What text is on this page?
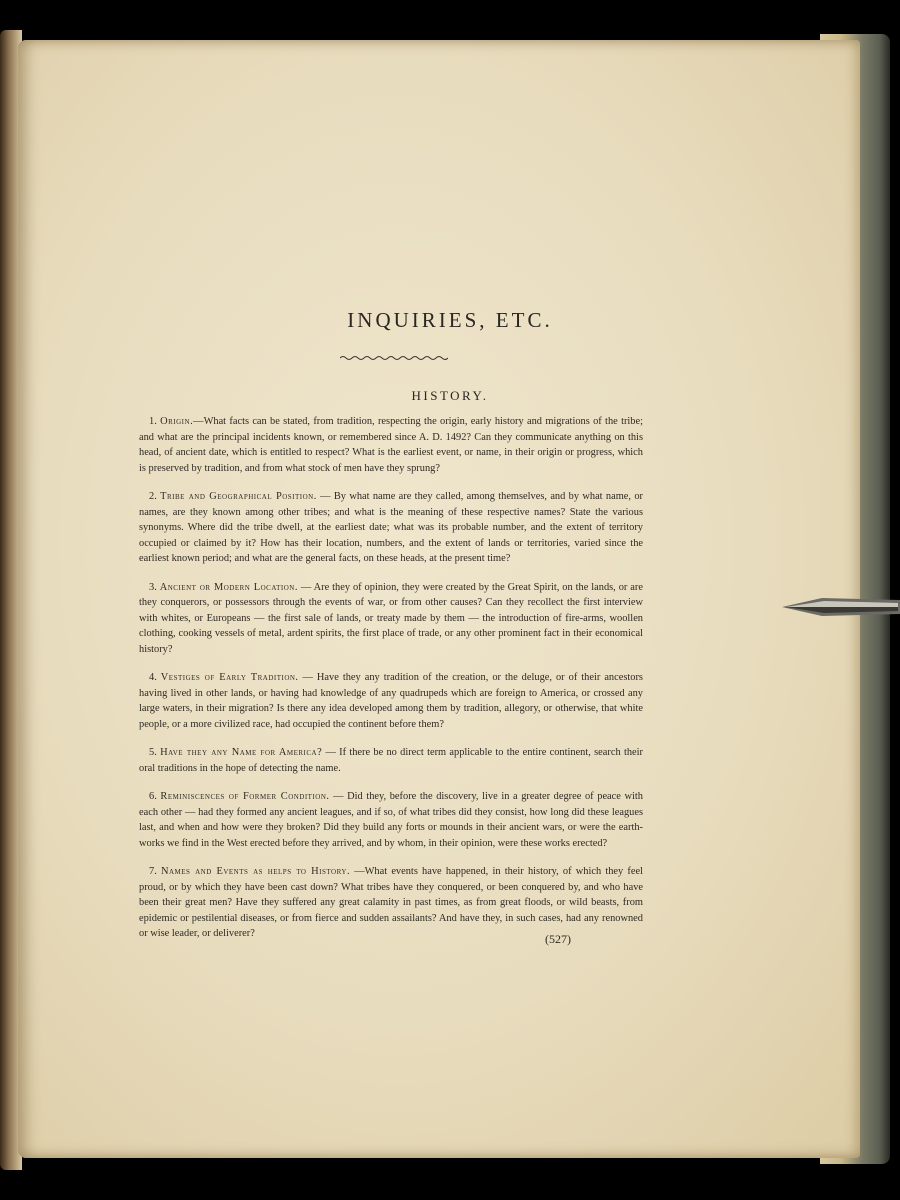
INQUIRIES, ETC.
HISTORY.

1. Origin.—What facts can be stated, from tradition, respecting the origin, early history and migrations of the tribe; and what are the principal incidents known, or remembered since A. D. 1492? Can they communicate anything on this head, of ancient date, which is entitled to respect? What is the earliest event, or name, in their origin or progress, which is preserved by tradition, and from what stock of men have they sprung?

2. Tribe and Geographical Position. — By what name are they called, among themselves, and by what name, or names, are they known among other tribes; and what is the meaning of these respective names? State the various synonyms. Where did the tribe dwell, at the earliest date; what was its probable number, and the extent of territory occupied or claimed by it? How has their location, numbers, and the extent of lands or territories, varied since the earliest known period; and what are the general facts, on these heads, at the present time?

3. Ancient or Modern Location. — Are they of opinion, they were created by the Great Spirit, on the lands, or are they conquerors, or possessors through the events of war, or from other causes? Can they recollect the first interview with whites, or Europeans — the first sale of lands, or treaty made by them — the introduction of fire-arms, woollen clothing, cooking vessels of metal, ardent spirits, the first place of trade, or any other prominent fact in their economical history?

4. Vestiges of Early Tradition. — Have they any tradition of the creation, or the deluge, or of their ancestors having lived in other lands, or having had knowledge of any quadrupeds which are foreign to America, or crossed any large waters, in their migration? Is there any idea developed among them by tradition, allegory, or otherwise, that white people, or a more civilized race, had occupied the continent before them?

5. Have they any Name for America? — If there be no direct term applicable to the entire continent, search their oral traditions in the hope of detecting the name.

6. Reminiscences of Former Condition. — Did they, before the discovery, live in a greater degree of peace with each other — had they formed any ancient leagues, and if so, of what tribes did they consist, how long did these leagues last, and when and how were they broken? Did they build any forts or mounds in their ancient wars, or were the earth-works we find in the West erected before they arrived, and by whom, in their opinion, were these works erected?

7. Names and Events as helps to History. —What events have happened, in their history, of which they feel proud, or by which they have been cast down? What tribes have they conquered, or been conquered by, and who have been their great men? Have they suffered any great calamity in past times, as from great floods, or wild beasts, from epidemic or pestilential diseases, or from fierce and sudden assailants? And have they, in such cases, had any renowned or wise leader, or deliverer?	(527)
